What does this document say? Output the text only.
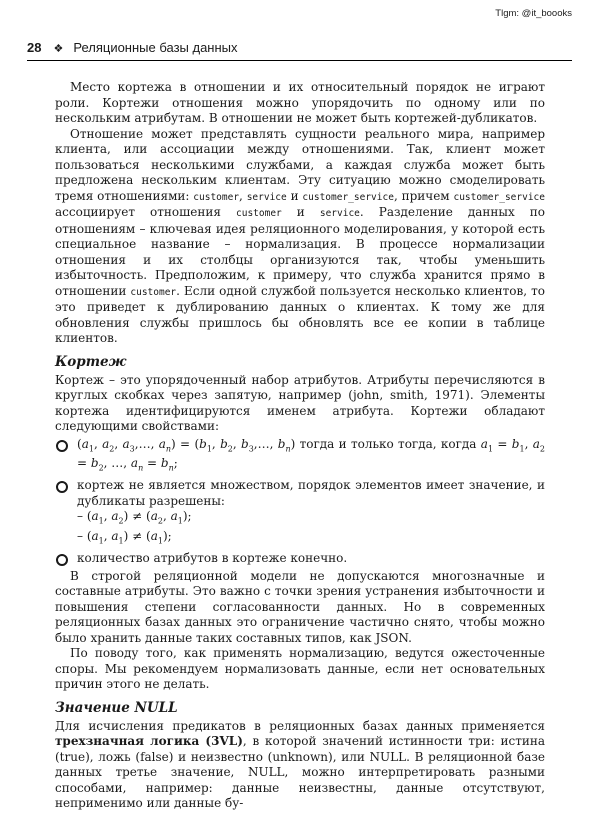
Tlgm: @it_boooks
28 ❖ Реляционные базы данных

Место кортежа в отношении и их относительный порядок не играют роли. Кортежи отношения можно упорядочить по одному или по нескольким атрибутам. В отношении не может быть кортежей-дубликатов.

Отношение может представлять сущности реального мира, например клиента, или ассоциации между отношениями. Так, клиент может пользоваться несколькими службами, а каждая служба может быть предложена нескольким клиентам. Эту ситуацию можно смоделировать тремя отношениями: customer, service и customer_service, причем customer_service ассоциирует отношения customer и service. Разделение данных по отношениям – ключевая идея реляционного моделирования, у которой есть специальное название – нормализация. В процессе нормализации отношения и их столбцы организуются так, чтобы уменьшить избыточность. Предположим, к примеру, что служба хранится прямо в отношении customer. Если одной службой пользуется несколько клиентов, то это приведет к дублированию данных о клиентах. К тому же для обновления службы пришлось бы обновлять все ее копии в таблице клиентов.

Кортеж

Кортеж – это упорядоченный набор атрибутов. Атрибуты перечисляются в круглых скобках через запятую, например (john, smith, 1971). Элементы кортежа идентифицируются именем атрибута. Кортежи обладают следующими свойствами:

($a_1$, $a_2$, $a_3,\dots$, $a_n) = (b_1$, $b_2$, $b_3,\dots$, $b_n$) тогда и только тогда, когда $a_1 = b_1$, $a_2 = b_2$, …, $a_n = b_n$;
кортеж не является множеством, порядок элементов имеет значение, и дубликаты разрешены:
– ($a_1$, $a_2) \ne (a_2$, $a_1$);
– ($a_1$, $a_1) \ne (a_1)$;
количество атрибутов в кортеже конечно.

В строгой реляционной модели не допускаются многозначные и составные атрибуты. Это важно с точки зрения устранения избыточности и повышения степени согласованности данных. Но в современных реляционных базах данных это ограничение частично снято, чтобы можно было хранить данные таких составных типов, как JSON.

По поводу того, как применять нормализацию, ведутся ожесточенные споры. Мы рекомендуем нормализовать данные, если нет основательных причин этого не делать.

Значение NULL

Для исчисления предикатов в реляционных базах данных применяется трехзначная логика (3VL), в которой значений истинности три: истина (true), ложь (false) и неизвестно (unknown), или NULL. В реляционной базе данных третье значение, NULL, можно интерпретировать разными способами, например: данные неизвестны, данные отсутствуют, неприменимо или данные бу-
